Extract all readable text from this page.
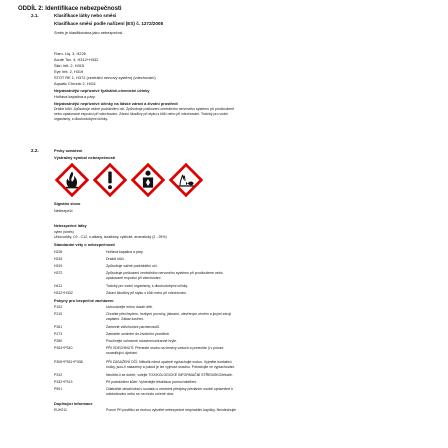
ODDÍL 2: Identifikace nebezpečnosti
2.1.	Klasifikace látky nebo směsi
Klasifikace směsi podle nařízení (ES) č. 1272/2008
Směs je klasifikována jako nebezpečná.
Flam. Liq. 3, H226
Acute Tox. 4, H312+H332
Skin Irrit. 2, H315
Eye Irrit. 2, H319
STOT RE 1, H372 (centrální nervový systém) (vdechování)
Aquatic Chronic 2, H411
Nejzávažnější nepříznivé fyzikálně-chemické účinky
Hořlavá kapalina a páry.
Nejzávažnější nepříznivé účinky na lidské zdraví a životní prostředí
Dráždí kůži. Způsobuje vážné podráždění očí. Způsobuje poškození centrálního nervového systému při prodlouženě
nebo opakované expozici při vdechování. Zdraví škodlivý při styku s kůží nebo při vdechování. Toxický pro vodní
organismy, s dlouhodobými účinky.
2.2.	Prvky označení
Výstražný symbol nebezpečnosti
Signální slovo
Nebezpečí
Nebezpečné látky
xylen (směs)
Uhlovodíky, C9 - C12, n-alkany, isoalkany, cyklické, aromatický (2 - 25%)
Standardní věty o nebezpečnosti
H226	Hořlavá kapalina a páry.
H315	Dráždí kůži.
H319	Způsobuje vážné podráždění očí.
H372	Způsobuje poškození centrálního nervového systému při prodloužené nebo
opakované expozici při vdechování.
H411	Toxický pro vodní organismy, s dlouhodobými účinky.
H312+H332	Zdraví škodlivý při styku s kůží nebo při vdechování.
Pokyny pro bezpečné zacházení
P102	Uchovávejte mimo dosah dětí.
P210	Chraňte před teplem, horkými povrchy, jiskrami, otevřeným ohněm a jinými zdroji
zapálení. Zákaz kouření.
P261	Zamezte vdechování par/aerosolů.
P273	Zabraňte uvolnění do životního prostředí.
P280	Používejte ochranné rukavice/ochranné brýle.
P304+P340	PŘI VDECHNUTÍ: Přeneste osobu na čerstvý vzduch a ponechte ji v poloze
usnadňující dýchání.
P305+P351+P338	PŘI ZASAŽENÍ OČÍ: Několik minut opatrně vyplachujte vodou. Vyjměte kontaktní
čočky, jsou-li nasazeny a pokud je lze vyjmout snadno. Pokračujte ve vyplachování.
P312	Necítíte-li se dobře, volejte TOXIKOLOGICKÉ INFORMAČNÍ STŘEDISKO/lékaře.
P332+P313	Při podráždění kůže: Vyhledejte lékařskou pomoc/ošetření.
P501	Odstraňte obsah/obal v souladu s místními předpisy předáním osobě oprávněné k
odstraňování nebo se na místo určené obcí.
Doplňující informace
EUH211	Pozor! Při postřiku se mohou vytvářet nebezpečné respirabilní kapičky. Nevdechujte
